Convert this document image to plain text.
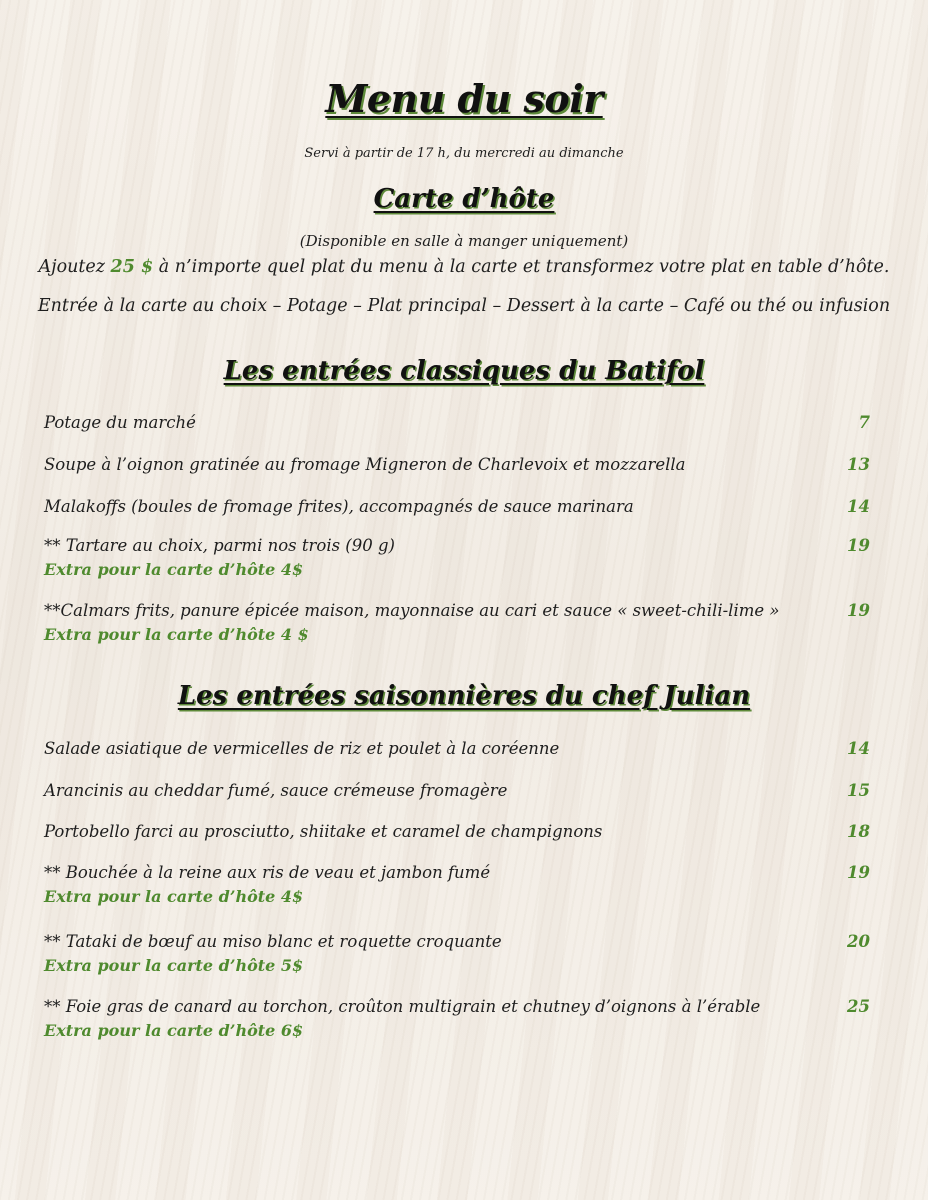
Menu du soir
Servi à partir de 17 h, du mercredi au dimanche
Carte d’hôte
(Disponible en salle à manger uniquement)
Ajoutez 25 $ à n’importe quel plat du menu à la carte et transformez votre plat en table d’hôte.
Entrée à la carte au choix – Potage – Plat principal – Dessert à la carte – Café ou thé ou infusion
Les entrées classiques du Batifol
Potage du marché	7
Soupe à l’oignon gratinée au fromage Migneron de Charlevoix et mozzarella	13
Malakoffs (boules de fromage frites), accompagnés de sauce marinara	14
** Tartare au choix, parmi nos trois (90 g)	19
Extra pour la carte d’hôte 4$
**Calmars frits, panure épicée maison, mayonnaise au cari et sauce « sweet-chili-lime »	19
Extra pour la carte d’hôte 4 $
Les entrées saisonnières du chef Julian
Salade asiatique de vermicelles de riz et poulet à la coréenne	14
Arancinis au cheddar fumé, sauce crémeuse fromagère	15
Portobello farci au prosciutto, shiitake et caramel de champignons	18
** Bouchée à la reine aux ris de veau et jambon fumé	19
Extra pour la carte d’hôte 4$
** Tataki de bœuf au miso blanc et roquette croquante	20
Extra pour la carte d’hôte 5$
** Foie gras de canard au torchon, croûton multigrain et chutney d’oignons à l’érable	25
Extra pour la carte d’hôte 6$
